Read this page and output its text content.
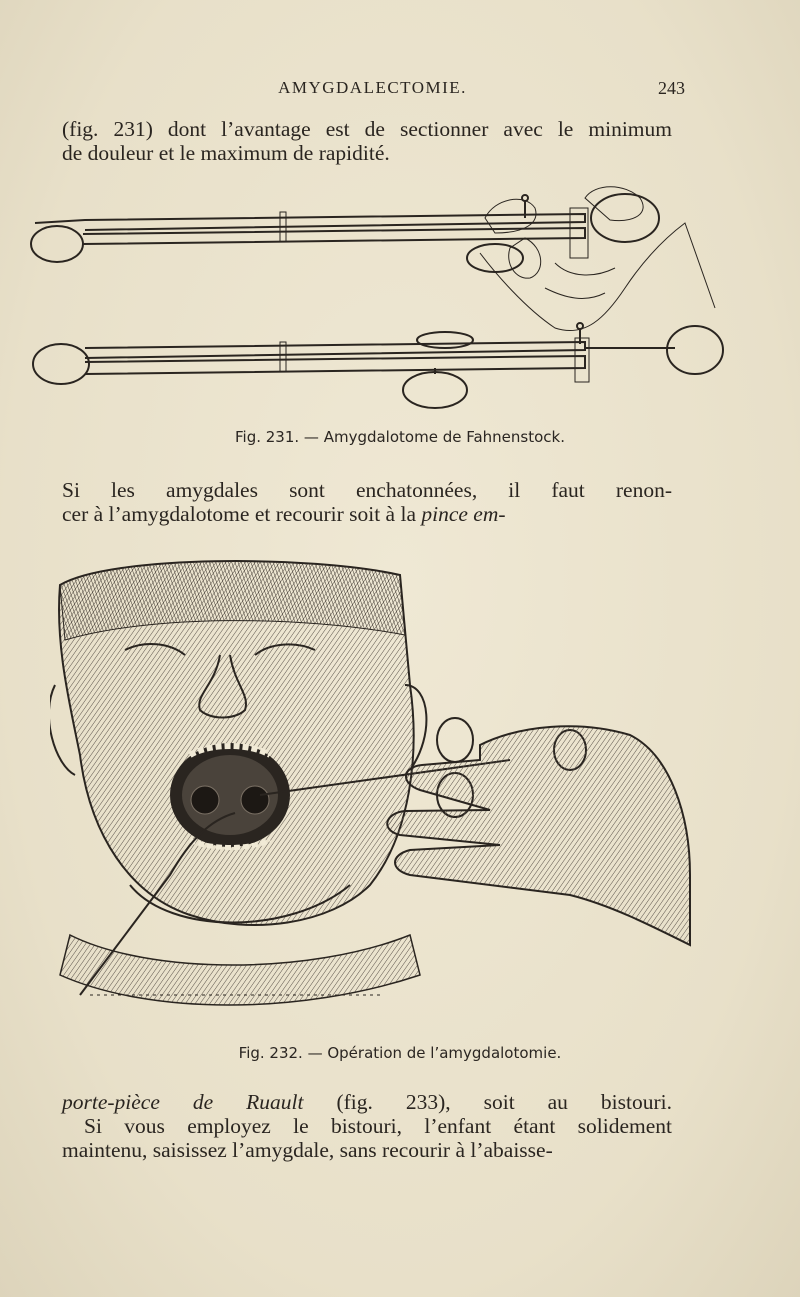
AMYGDALECTOMIE.	243
(fig. 231) dont l’avantage est de sectionner avec le minimum
de douleur et le maximum de rapidité.
Fig. 231. — Amygdalotome de Fahnenstock.
Si les amygdales sont enchatonnées, il faut renon-
cer à l’amygdalotome et recourir soit à la pince em-
Fig. 232. — Opération de l’amygdalotomie.
porte-pièce de Ruault (fig. 233), soit au bistouri.
Si vous employez le bistouri, l’enfant étant solidement
maintenu, saisissez l’amygdale, sans recourir à l’abaisse-
